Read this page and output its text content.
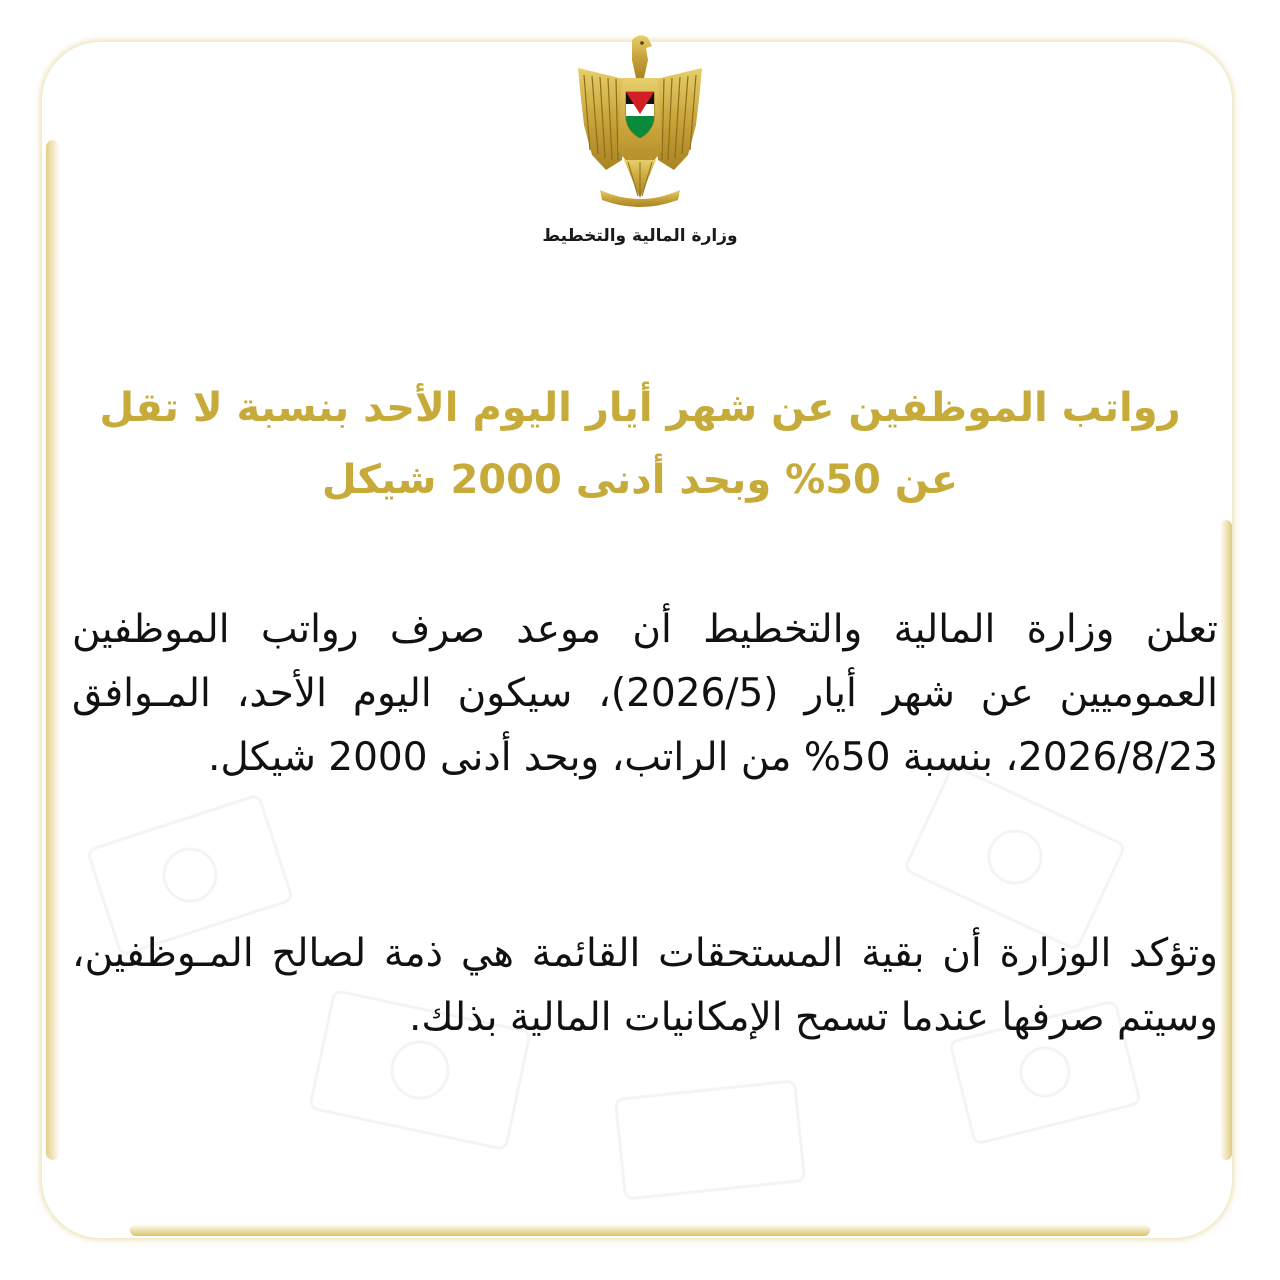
وزارة المالية والتخطيط
رواتب الموظفين عن شهر أيار اليوم الأحد بنسبة لا تقل عن 50% وبحد أدنى 2000 شيكل
تعلن وزارة المالية والتخطيط أن موعد صرف رواتب الموظفين العموميين عن شهر أيار (2026/5)، سيكون اليوم الأحد، المـوافق 2026/8/23، بنسبة 50% من الراتب، وبحد أدنى 2000 شيكل.
وتؤكد الوزارة أن بقية المستحقات القائمة هي ذمة لصالح المـوظفين، وسيتم صرفها عندما تسمح الإمكانيات المالية بذلك.
